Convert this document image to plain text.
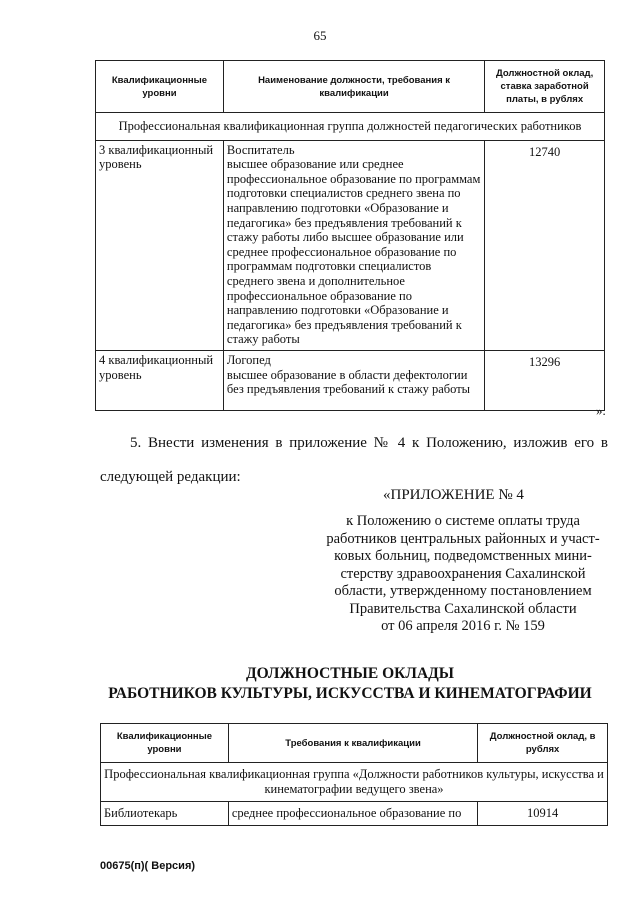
65
Квалификационные уровни	Наименование должности, требования к квалификации	Должностной оклад, ставка заработной платы, в рублях
Профессиональная квалификационная группа должностей педагогических работников		
3 квалификационный уровень	Воспитатель
высшее образование или среднее профессиональное образование по программам подготовки специалистов среднего звена по направлению подготовки «Образование и педагогика» без предъявления требований к стажу работы либо высшее образование или среднее профессиональное образование по программам подготовки специалистов среднего звена и дополнительное профессиональное образование по направлению подготовки «Образование и педагогика» без предъявления требований к стажу работы	12740
4 квалификационный уровень	Логопед
высшее образование в области дефектологии без предъявления требований к стажу работы	13296
».
5. Внести изменения в приложение № 4 к Положению, изложив его в
следующей редакции:
«ПРИЛОЖЕНИЕ № 4
к Положению о системе оплаты труда
работников центральных районных и участ-
ковых больниц, подведомственных мини-
стерству здравоохранения Сахалинской
области, утвержденному постановлением
Правительства Сахалинской области
от 06 апреля 2016 г. № 159
ДОЛЖНОСТНЫЕ ОКЛАДЫ
РАБОТНИКОВ КУЛЬТУРЫ, ИСКУССТВА И КИНЕМАТОГРАФИИ
Квалификационные уровни	Требования к квалификации	Должностной оклад, в рублях
Профессиональная квалификационная группа «Должности работников культуры, искусства и кинематографии ведущего звена»		
Библиотекарь	среднее профессиональное образование по	10914
00675(п)( Версия)
